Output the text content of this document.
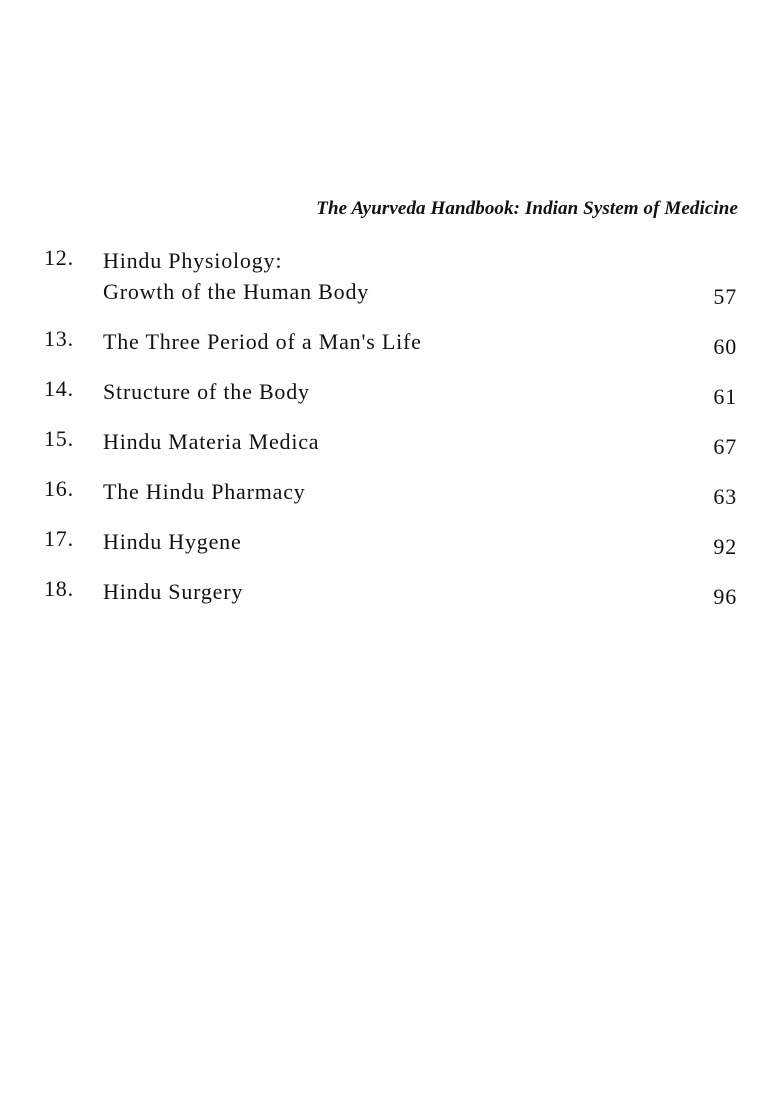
The Ayurveda Handbook: Indian System of Medicine
12. Hindu Physiology:
Growth of the Human Body	57
13. The Three Period of a Man's Life	60
14. Structure of the Body	61
15. Hindu Materia Medica	67
16. The Hindu Pharmacy	63
17. Hindu Hygene	92
18. Hindu Surgery	96
